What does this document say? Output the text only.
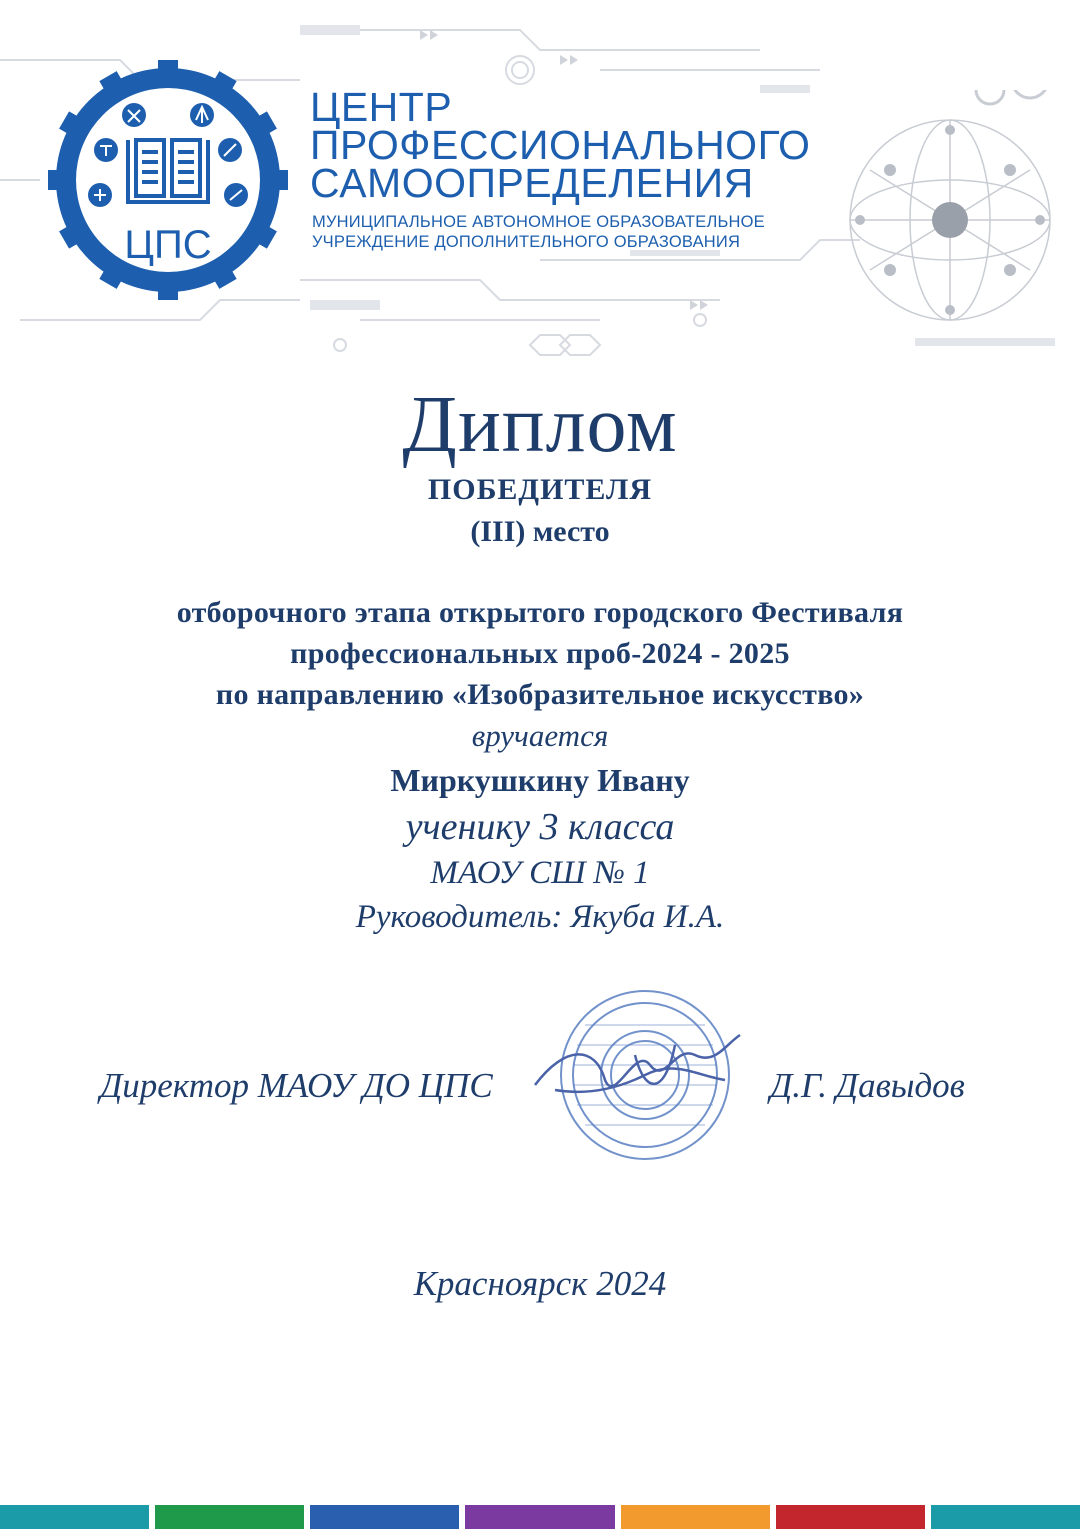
ЦПС
ЦЕНТР
ПРОФЕССИОНАЛЬНОГО
САМООПРЕДЕЛЕНИЯ
МУНИЦИПАЛЬНОЕ АВТОНОМНОЕ ОБРАЗОВАТЕЛЬНОЕ
УЧРЕЖДЕНИЕ ДОПОЛНИТЕЛЬНОГО ОБРАЗОВАНИЯ
Диплом
ПОБЕДИТЕЛЯ
(III) место
отборочного этапа открытого городского Фестиваля
профессиональных проб-2024 - 2025
по направлению «Изобразительное искусство»
вручается
Миркушкину Ивану
ученику 3 класса
МАОУ СШ № 1
Руководитель: Якуба И.А.
Директор МАОУ ДО ЦПС	Д.Г. Давыдов
Красноярск 2024
